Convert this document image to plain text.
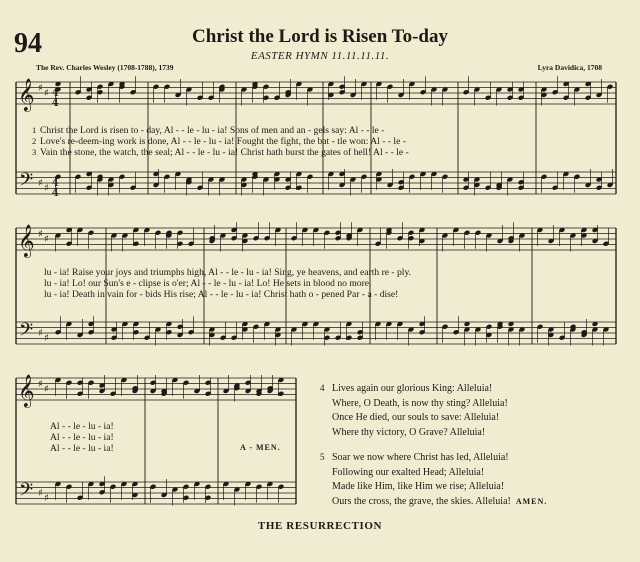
94	Christ the Lord is Risen To-day
EASTER HYMN 11.11.11.11.
The Rev. Charles Wesley (1708-1788), 1739	Lyra Davidica, 1708
𝄞
𝄢
♯ ♯
♯ ♯
𝄞
𝄢
♯ ♯
♯ ♯
𝄞
𝄢
♯ ♯
♯ ♯
4
4
4
4
1 Christ the Lord is risen to - day, Al - - le - lu - ia! Sons of men and an - gels say: Al - - le -
2 Love's re-deem-ing work is done, Al - - le - lu - ia! Fought the fight, the bat - tle won: Al - - le -
3 Vain the stone, the watch, the seal; Al - - le - lu - ia! Christ hath burst the gates of hell! Al - - le -
lu - ia! Raise your joys and triumphs high, Al - - le - lu - ia! Sing, ye heavens, and earth re - ply.
lu - ia! Lo! our Sun's e - clipse is o'er; Al - - le - lu - ia! Lo! He sets in blood no more.
lu - ia! Death in vain for - bids His rise; Al - - le - lu - ia! Christ hath o - pened Par - a - dise!
Al - - le - lu - ia!
Al - - le - lu - ia!
Al - - le - lu - ia!	A - MEN.
4 Lives again our glorious King: Alleluia!
Where, O Death, is now thy sting? Alleluia!
Once He died, our souls to save: Alleluia!
Where thy victory, O Grave? Alleluia!
5 Soar we now where Christ has led, Alleluia!
Following our exalted Head; Alleluia!
Made like Him, like Him we rise; Alleluia!
Ours the cross, the grave, the skies. Alleluia! AMEN.
THE RESURRECTION
